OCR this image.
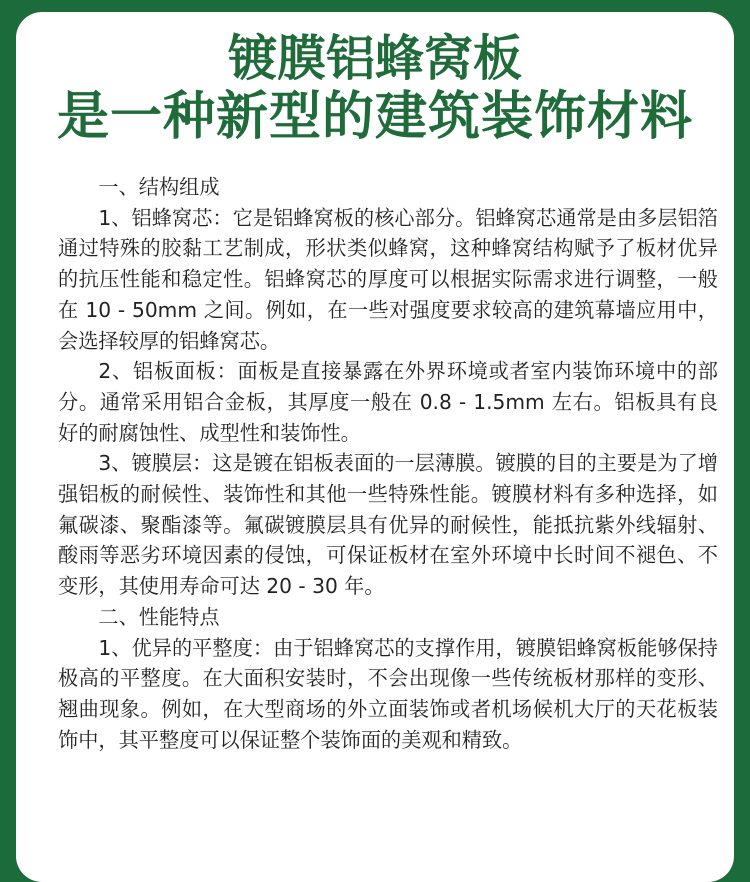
镀膜铝蜂窝板
是一种新型的建筑装饰材料

一、结构组成

1、铝蜂窝芯：它是铝蜂窝板的核心部分。铝蜂窝芯通常是由多层铝箔通过特殊的胶黏工艺制成，形状类似蜂窝，这种蜂窝结构赋予了板材优异的抗压性能和稳定性。铝蜂窝芯的厚度可以根据实际需求进行调整，一般在 10 - 50mm 之间。例如，在一些对强度要求较高的建筑幕墙应用中，会选择较厚的铝蜂窝芯。

2、铝板面板：面板是直接暴露在外界环境或者室内装饰环境中的部分。通常采用铝合金板，其厚度一般在 0.8 - 1.5mm 左右。铝板具有良好的耐腐蚀性、成型性和装饰性。

3、镀膜层：这是镀在铝板表面的一层薄膜。镀膜的目的主要是为了增强铝板的耐候性、装饰性和其他一些特殊性能。镀膜材料有多种选择，如氟碳漆、聚酯漆等。氟碳镀膜层具有优异的耐候性，能抵抗紫外线辐射、酸雨等恶劣环境因素的侵蚀，可保证板材在室外环境中长时间不褪色、不变形，其使用寿命可达 20 - 30 年。

二、性能特点

1、优异的平整度：由于铝蜂窝芯的支撑作用，镀膜铝蜂窝板能够保持极高的平整度。在大面积安装时，不会出现像一些传统板材那样的变形、翘曲现象。例如，在大型商场的外立面装饰或者机场候机大厅的天花板装饰中，其平整度可以保证整个装饰面的美观和精致。
